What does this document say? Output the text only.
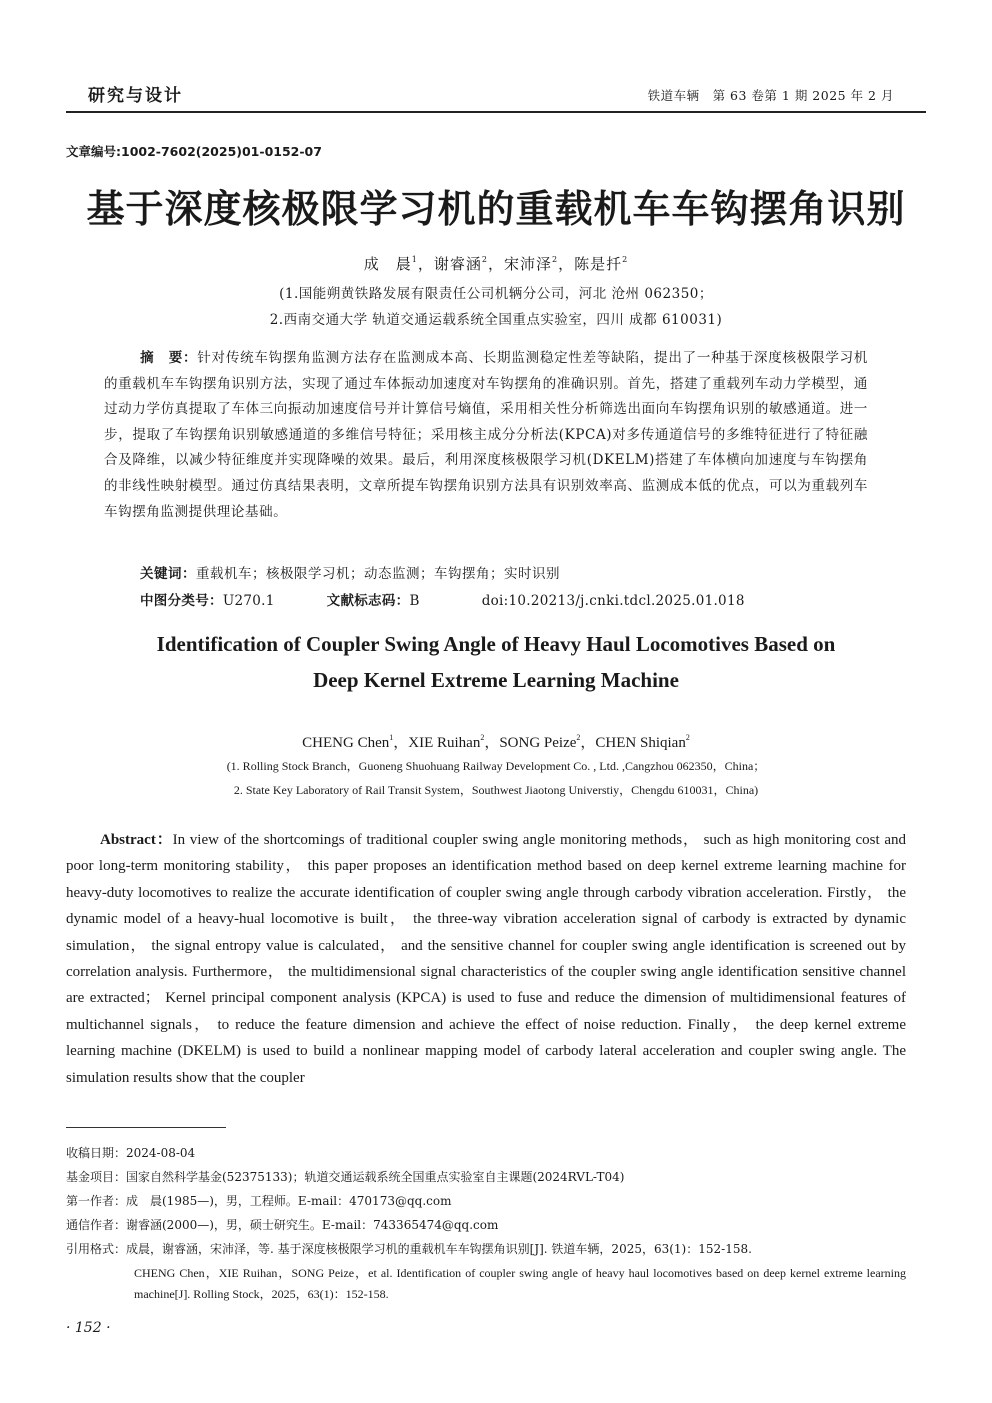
研究与设计	铁道车辆　第 63 卷第 1 期 2025 年 2 月
文章编号:1002-7602(2025)01-0152-07
基于深度核极限学习机的重载机车车钩摆角识别
成　晨$^1$，谢睿涵$^2$，宋沛泽$^2$，陈是扦$^2$
(1.国能朔黄铁路发展有限责任公司机辆分公司，河北 沧州 062350；
2.西南交通大学 轨道交通运载系统全国重点实验室，四川 成都 610031)
摘　要：针对传统车钩摆角监测方法存在监测成本高、长期监测稳定性差等缺陷，提出了一种基于深度核极限学习机的重载机车车钩摆角识别方法，实现了通过车体振动加速度对车钩摆角的准确识别。首先，搭建了重载列车动力学模型，通过动力学仿真提取了车体三向振动加速度信号并计算信号熵值，采用相关性分析筛选出面向车钩摆角识别的敏感通道。进一步，提取了车钩摆角识别敏感通道的多维信号特征；采用核主成分分析法(KPCA)对多传通道信号的多维特征进行了特征融合及降维，以减少特征维度并实现降噪的效果。最后，利用深度核极限学习机(DKELM)搭建了车体横向加速度与车钩摆角的非线性映射模型。通过仿真结果表明，文章所提车钩摆角识别方法具有识别效率高、监测成本低的优点，可以为重载列车车钩摆角监测提供理论基础。
关键词：重载机车；核极限学习机；动态监测；车钩摆角；实时识别
中图分类号：U270.1	文献标志码：B	doi:10.20213/j.cnki.tdcl.2025.01.018
Identification of Coupler Swing Angle of Heavy Haul Locomotives Based on
Deep Kernel Extreme Learning Machine
CHENG Chen$^1$，XIE Ruihan$^2$，SONG Peize$^2$，CHEN Shiqian$^2$
(1. Rolling Stock Branch，Guoneng Shuohuang Railway Development Co. , Ltd. ,Cangzhou 062350，China；
2. State Key Laboratory of Rail Transit System，Southwest Jiaotong Universtiy，Chengdu 610031，China)
Abstract：In view of the shortcomings of traditional coupler swing angle monitoring methods， such as high monitoring cost and poor long-term monitoring stability， this paper proposes an identification method based on deep kernel extreme learning machine for heavy-duty locomotives to realize the accurate identification of coupler swing angle through carbody vibration acceleration. Firstly， the dynamic model of a heavy-hual locomotive is built， the three-way vibration acceleration signal of carbody is extracted by dynamic simulation， the signal entropy value is calculated， and the sensitive channel for coupler swing angle identification is screened out by correlation analysis. Furthermore， the multidimensional signal characteristics of the coupler swing angle identification sensitive channel are extracted； Kernel principal component analysis (KPCA) is used to fuse and reduce the dimension of multidimensional features of multichannel signals， to reduce the feature dimension and achieve the effect of noise reduction. Finally， the deep kernel extreme learning machine (DKELM) is used to build a nonlinear mapping model of carbody lateral acceleration and coupler swing angle. The simulation results show that the coupler
收稿日期：2024-08-04
基金项目：国家自然科学基金(52375133)；轨道交通运载系统全国重点实验室自主课题(2024RVL-T04)
第一作者：成　晨(1985—)，男，工程师。E-mail：470173@qq.com
通信作者：谢睿涵(2000—)，男，硕士研究生。E-mail：743365474@qq.com
引用格式：成晨，谢睿涵，宋沛泽，等. 基于深度核极限学习机的重载机车车钩摆角识别[J]. 铁道车辆，2025，63(1)：152-158.
CHENG Chen，XIE Ruihan，SONG Peize，et al. Identification of coupler swing angle of heavy haul locomotives based on deep kernel extreme learning machine[J]. Rolling Stock，2025，63(1)：152-158.
· 152 ·
